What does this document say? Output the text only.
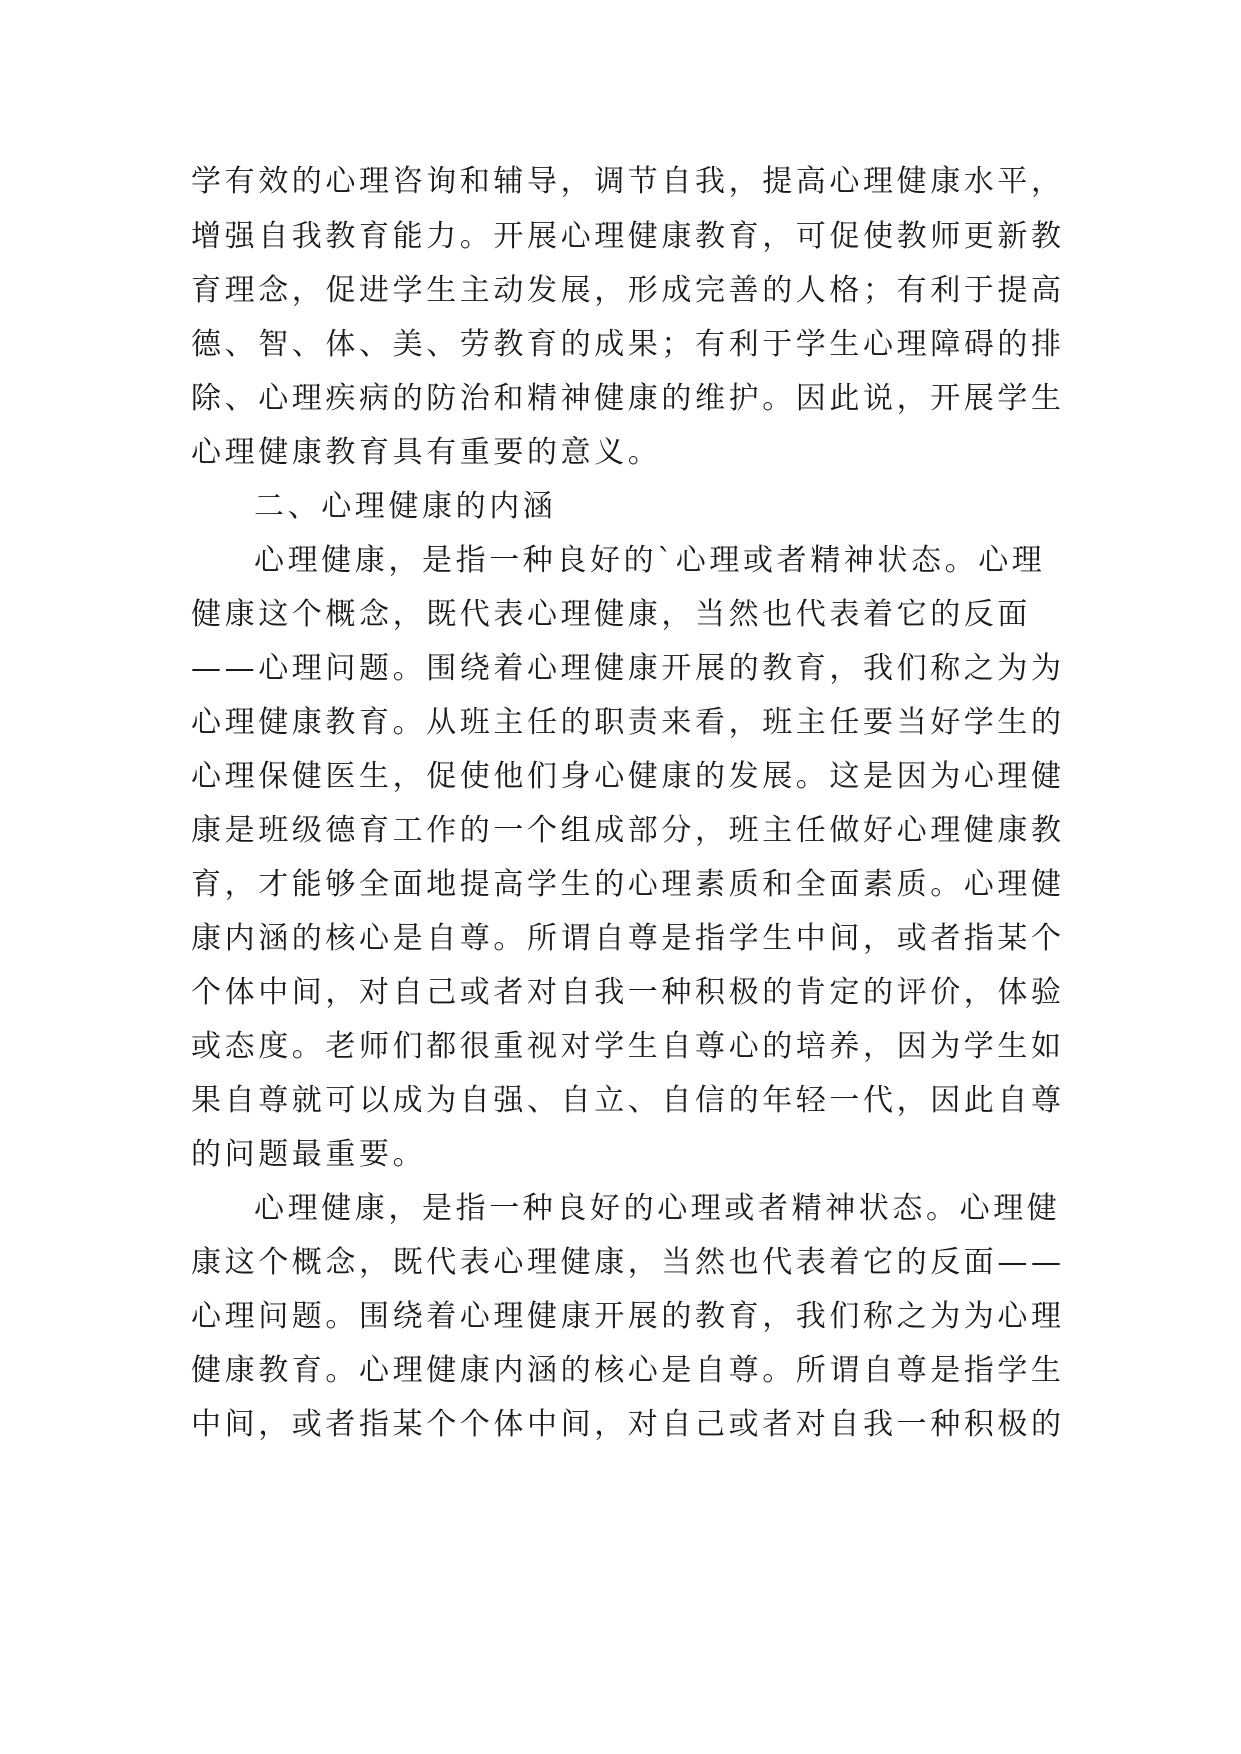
学有效的心理咨询和辅导，调节自我，提高心理健康水平，
增强自我教育能力。开展心理健康教育，可促使教师更新教
育理念，促进学生主动发展，形成完善的人格；有利于提高
德、智、体、美、劳教育的成果；有利于学生心理障碍的排
除、心理疾病的防治和精神健康的维护。因此说，开展学生
心理健康教育具有重要的意义。
二、心理健康的内涵
心理健康，是指一种良好的`心理或者精神状态。心理
健康这个概念，既代表心理健康，当然也代表着它的反面
——心理问题。围绕着心理健康开展的教育，我们称之为为
心理健康教育。从班主任的职责来看，班主任要当好学生的
心理保健医生，促使他们身心健康的发展。这是因为心理健
康是班级德育工作的一个组成部分，班主任做好心理健康教
育，才能够全面地提高学生的心理素质和全面素质。心理健
康内涵的核心是自尊。所谓自尊是指学生中间，或者指某个
个体中间，对自己或者对自我一种积极的肯定的评价，体验
或态度。老师们都很重视对学生自尊心的培养，因为学生如
果自尊就可以成为自强、自立、自信的年轻一代，因此自尊
的问题最重要。
心理健康，是指一种良好的心理或者精神状态。心理健
康这个概念，既代表心理健康，当然也代表着它的反面——
心理问题。围绕着心理健康开展的教育，我们称之为为心理
健康教育。心理健康内涵的核心是自尊。所谓自尊是指学生
中间，或者指某个个体中间，对自己或者对自我一种积极的
